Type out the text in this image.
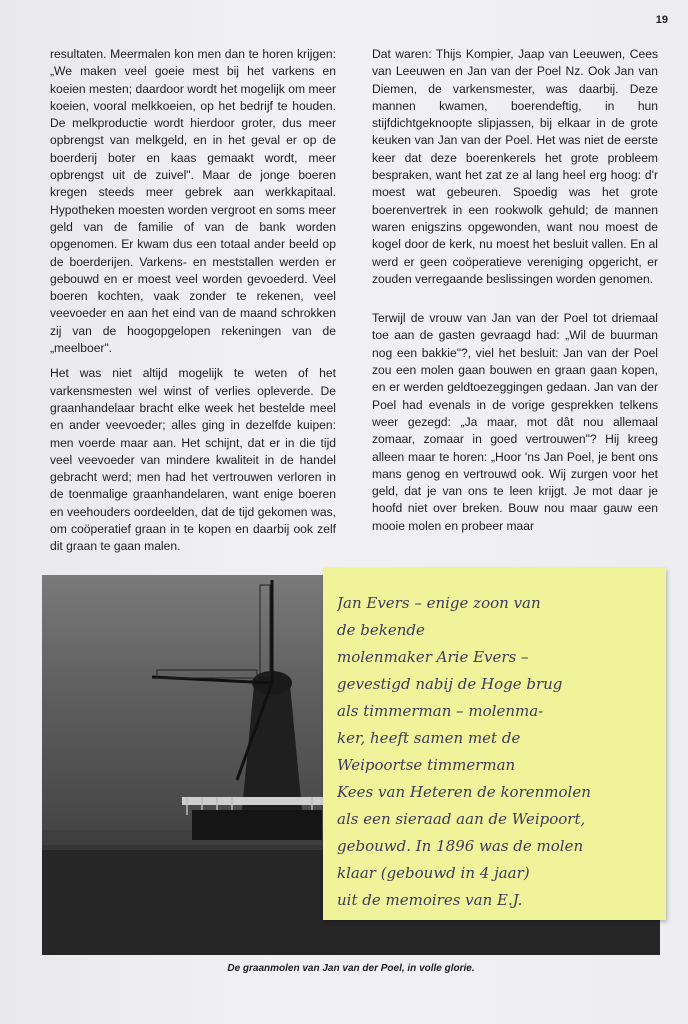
19

resultaten. Meermalen kon men dan te horen krijgen: „We maken veel goeie mest bij het varkens en koeien mesten; daardoor wordt het mogelijk om meer koeien, vooral melkkoeien, op het bedrijf te houden. De melkproductie wordt hierdoor groter, dus meer opbrengst van melkgeld, en in het geval er op de boerderij boter en kaas gemaakt wordt, meer opbrengst uit de zuivel". Maar de jonge boeren kregen steeds meer gebrek aan werkkapitaal. Hypotheken moesten worden vergroot en soms meer geld van de familie of van de bank worden opgenomen. Er kwam dus een totaal ander beeld op de boerderijen. Varkens- en meststallen werden er gebouwd en er moest veel worden gevoederd. Veel boeren kochten, vaak zonder te rekenen, veel veevoeder en aan het eind van de maand schrokken zij van de hoogopgelopen rekeningen van de „meelboer".

Het was niet altijd mogelijk te weten of het varkensmesten wel winst of verlies opleverde. De graanhandelaar bracht elke week het bestelde meel en ander veevoeder; alles ging in dezelfde kuipen: men voerde maar aan. Het schijnt, dat er in die tijd veel veevoeder van mindere kwaliteit in de handel gebracht werd; men had het vertrouwen verloren in de toenmalige graanhandelaren, want enige boeren en veehouders oordeelden, dat de tijd gekomen was, om coöperatief graan in te kopen en daarbij ook zelf dit graan te gaan malen.

Dat waren: Thijs Kompier, Jaap van Leeuwen, Cees van Leeuwen en Jan van der Poel Nz. Ook Jan van Diemen, de varkensmester, was daarbij. Deze mannen kwamen, boerendeftig, in hun stijfdichtgeknoopte slipjassen, bij elkaar in de grote keuken van Jan van der Poel. Het was niet de eerste keer dat deze boerenkerels het grote probleem bespraken, want het zat ze al lang heel erg hoog: d'r moest wat gebeuren. Spoedig was het grote boerenvertrek in een rookwolk gehuld; de mannen waren enigszins opgewonden, want nou moest de kogel door de kerk, nu moest het besluit vallen. En al werd er geen coöperatieve vereniging opgericht, er zouden verregaande beslissingen worden genomen.

Terwijl de vrouw van Jan van der Poel tot driemaal toe aan de gasten gevraagd had: „Wil de buurman nog een bakkie"?, viel het besluit: Jan van der Poel zou een molen gaan bouwen en graan gaan kopen, en er werden geldtoezeggingen gedaan. Jan van der Poel had evenals in de vorige gesprekken telkens weer gezegd: „Ja maar, mot dât nou allemaal zomaar, zomaar in goed vertrouwen"? Hij kreeg alleen maar te horen: „Hoor 'ns Jan Poel, je bent ons mans genog en vertrouwd ook. Wij zurgen voor het geld, dat je van ons te leen krijgt. Je mot daar je hoofd niet over breken. Bouw nou maar gauw een mooie molen en probeer maar

De graanmolen van Jan van der Poel, in volle glorie.
Jan Evers – enige zoon van
de bekende
molenmaker Arie Evers –
gevestigd nabij de Hoge brug
als timmerman – molenma-
ker, heeft samen met de
Weipoortse timmerman
Kees van Heteren de korenmolen
als een sieraad aan de Weipoort,
gebouwd. In 1896 was de molen
klaar (gebouwd in 4 jaar)
uit de memoires van E.J.
